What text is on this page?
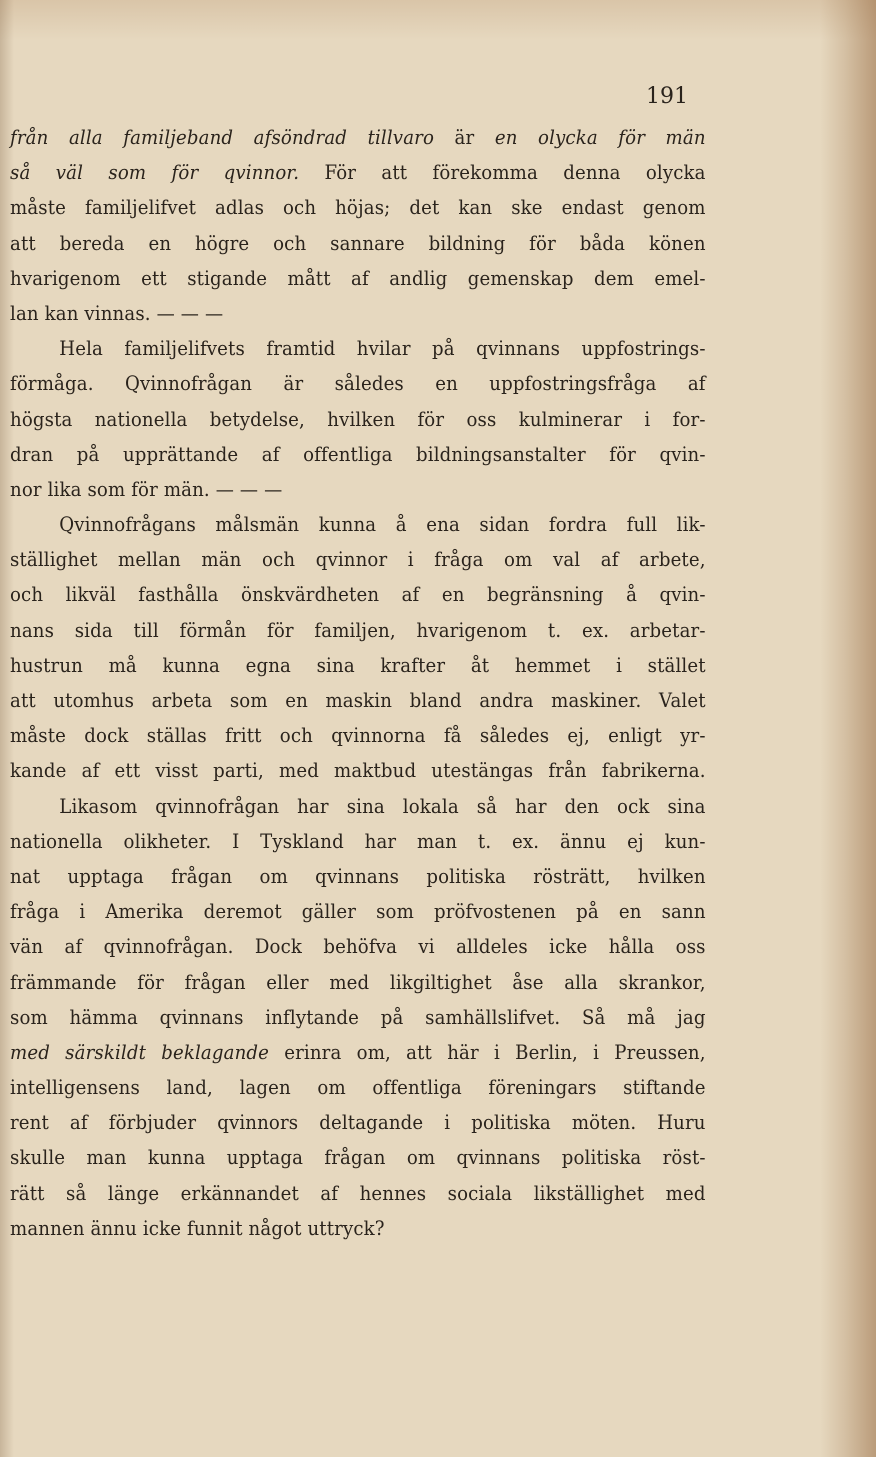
191
från alla familjeband afsöndrad tillvaro är en olycka för män
så väl som för qvinnor. För att förekomma denna olycka
måste familjelifvet adlas och höjas; det kan ske endast genom
att bereda en högre och sannare bildning för båda könen
hvarigenom ett stigande mått af andlig gemenskap dem emel-
lan kan vinnas. — — —
Hela familjelifvets framtid hvilar på qvinnans uppfostrings-
förmåga. Qvinnofrågan är således en uppfostringsfråga af
högsta nationella betydelse, hvilken för oss kulminerar i for-
dran på upprättande af offentliga bildningsanstalter för qvin-
nor lika som för män. — — —
Qvinnofrågans målsmän kunna å ena sidan fordra full lik-
ställighet mellan män och qvinnor i fråga om val af arbete,
och likväl fasthålla önskvärdheten af en begränsning å qvin-
nans sida till förmån för familjen, hvarigenom t. ex. arbetar-
hustrun må kunna egna sina krafter åt hemmet i stället
att utomhus arbeta som en maskin bland andra maskiner. Valet
måste dock ställas fritt och qvinnorna få således ej, enligt yr-
kande af ett visst parti, med maktbud utestängas från fabrikerna.
Likasom qvinnofrågan har sina lokala så har den ock sina
nationella olikheter. I Tyskland har man t. ex. ännu ej kun-
nat upptaga frågan om qvinnans politiska rösträtt, hvilken
fråga i Amerika deremot gäller som pröfvostenen på en sann
vän af qvinnofrågan. Dock behöfva vi alldeles icke hålla oss
främmande för frågan eller med likgiltighet åse alla skrankor,
som hämma qvinnans inflytande på samhällslifvet. Så må jag
med särskildt beklagande erinra om, att här i Berlin, i Preussen,
intelligensens land, lagen om offentliga föreningars stiftande
rent af förbjuder qvinnors deltagande i politiska möten. Huru
skulle man kunna upptaga frågan om qvinnans politiska röst-
rätt så länge erkännandet af hennes sociala likställighet med
mannen ännu icke funnit något uttryck?
